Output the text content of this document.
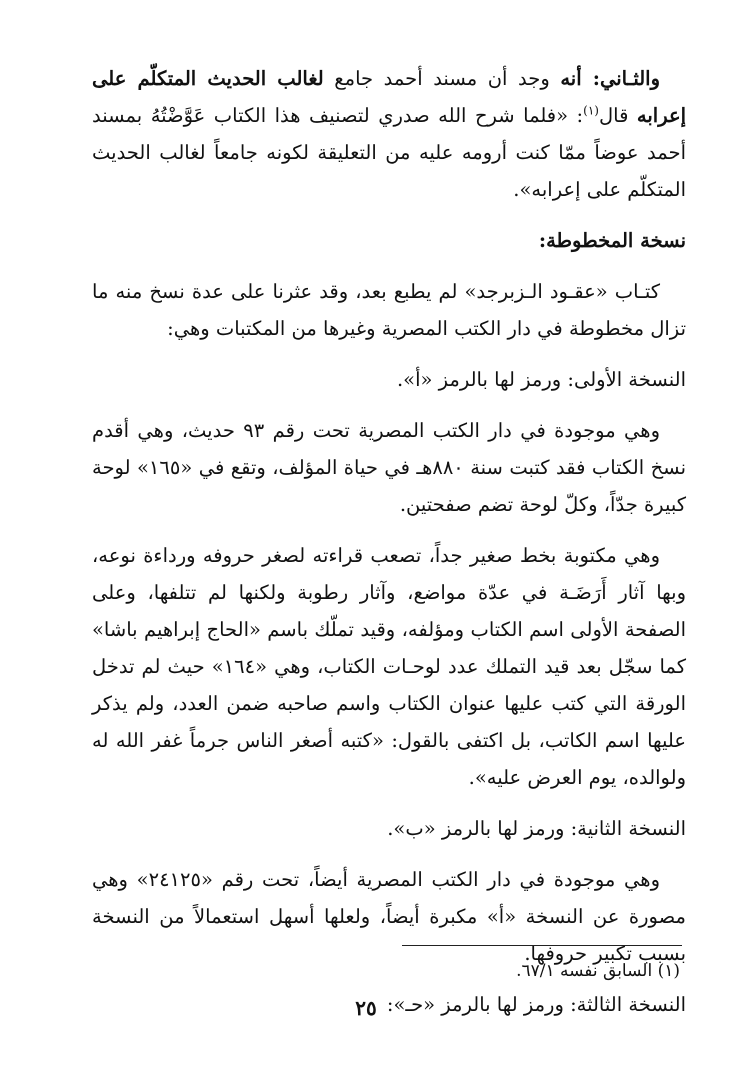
والثـاني: أنه وجد أن مسند أحمد جامع لغالب الحديث المتكلّم على إعرابه قال$^{(١)}$: «فلما شرح الله صدري لتصنيف هذا الكتاب عَوَّضْتُهُ بمسند أحمد عوضاً ممّا كنت أرومه عليه من التعليقة لكونه جامعاً لغالب الحديث المتكلّم على إعرابه».

نسخة المخطوطة:

كتـاب «عقـود الـزبرجد» لم يطبع بعد، وقد عثرنا على عدة نسخ منه ما تزال مخطوطة في دار الكتب المصرية وغيرها من المكتبات وهي:

النسخة الأولى: ورمز لها بالرمز «أ».

وهي موجودة في دار الكتب المصرية تحت رقم ٩٣ حديث، وهي أقدم نسخ الكتاب فقد كتبت سنة ٨٨٠هـ في حياة المؤلف، وتقع في «١٦٥» لوحة كبيرة جدّاً، وكلّ لوحة تضم صفحتين.

وهي مكتوبة بخط صغير جداً، تصعب قراءته لصغر حروفه ورداءة نوعه، وبها آثار أَرَضَـة في عدّة مواضع، وآثار رطوبة ولكنها لم تتلفها، وعلى الصفحة الأولى اسم الكتاب ومؤلفه، وقيد تملّك باسم «الحاج إبراهيم باشا» كما سجّل بعد قيد التملك عدد لوحـات الكتاب، وهي «١٦٤» حيث لم تدخل الورقة التي كتب عليها عنوان الكتاب واسم صاحبه ضمن العدد، ولم يذكر عليها اسم الكاتب، بل اكتفى بالقول: «كتبه أصغر الناس جرماً غفر الله له ولوالده، يوم العرض عليه».

النسخة الثانية: ورمز لها بالرمز «ب».

وهي موجودة في دار الكتب المصرية أيضاً، تحت رقم «٢٤١٢٥» وهي مصورة عن النسخة «أ» مكبرة أيضاً، ولعلها أسهل استعمالاً من النسخة بسبب تكبير حروفها.

النسخة الثالثة: ورمز لها بالرمز «حـ»:

(١) السابق نفسه ٦٧/١.
٢٥
